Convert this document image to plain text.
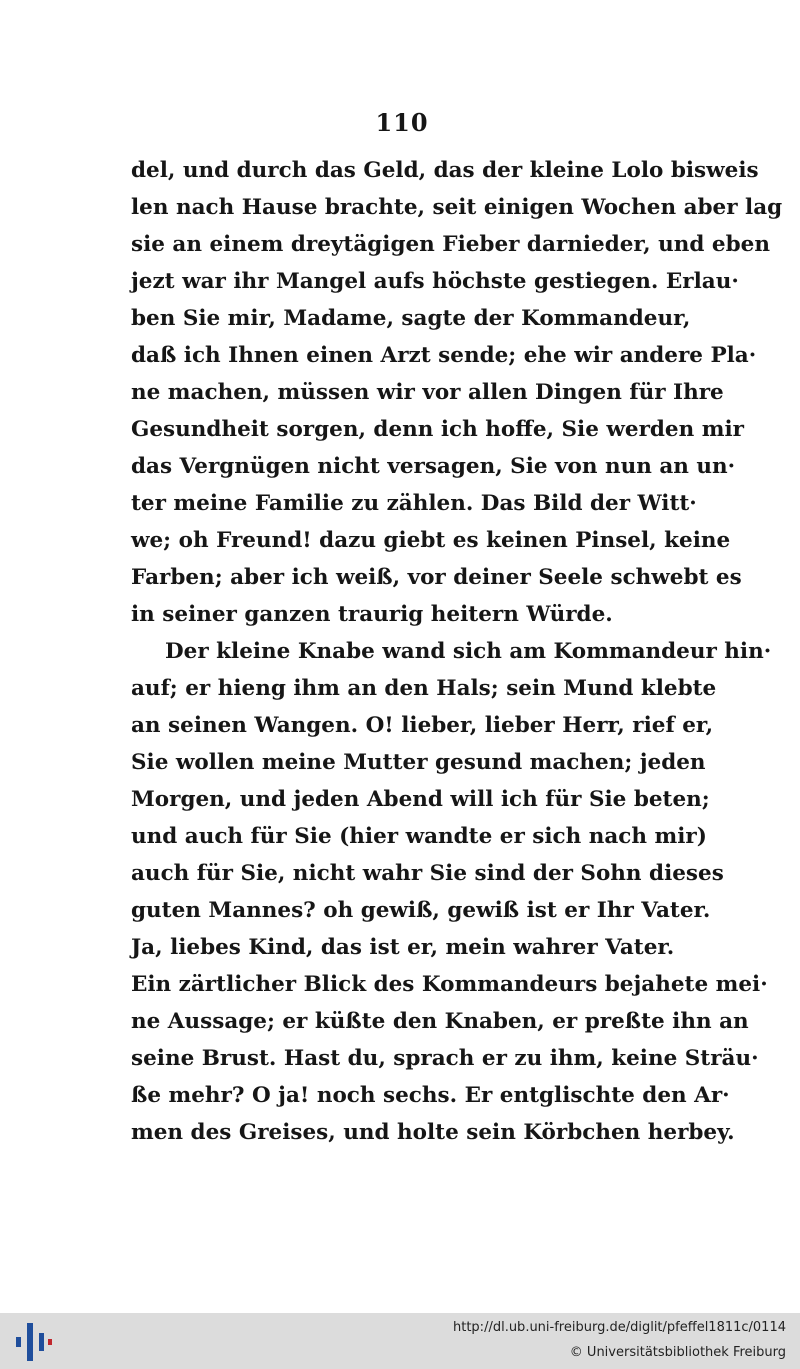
110
del, und durch das Geld, das der kleine Lolo bisweis
len nach Hause brachte, seit einigen Wochen aber lag
sie an einem dreytägigen Fieber darnieder, und eben
jezt war ihr Mangel aufs höchste gestiegen. Erlau·
ben Sie mir, Madame, sagte der Kommandeur,
daß ich Ihnen einen Arzt sende; ehe wir andere Pla·
ne machen, müssen wir vor allen Dingen für Ihre
Gesundheit sorgen, denn ich hoffe, Sie werden mir
das Vergnügen nicht versagen, Sie von nun an un·
ter meine Familie zu zählen. Das Bild der Witt·
we; oh Freund! dazu giebt es keinen Pinsel, keine
Farben; aber ich weiß, vor deiner Seele schwebt es
in seiner ganzen traurig heitern Würde.
Der kleine Knabe wand sich am Kommandeur hin·
auf; er hieng ihm an den Hals; sein Mund klebte
an seinen Wangen. O! lieber, lieber Herr, rief er,
Sie wollen meine Mutter gesund machen; jeden
Morgen, und jeden Abend will ich für Sie beten;
und auch für Sie (hier wandte er sich nach mir)
auch für Sie, nicht wahr Sie sind der Sohn dieses
guten Mannes? oh gewiß, gewiß ist er Ihr Vater.
Ja, liebes Kind, das ist er, mein wahrer Vater.
Ein zärtlicher Blick des Kommandeurs bejahete mei·
ne Aussage; er küßte den Knaben, er preßte ihn an
seine Brust. Hast du, sprach er zu ihm, keine Sträu·
ße mehr? O ja! noch sechs. Er entglischte den Ar·
men des Greises, und holte sein Körbchen herbey.
http://dl.ub.uni-freiburg.de/diglit/pfeffel1811c/0114
© Universitätsbibliothek Freiburg
